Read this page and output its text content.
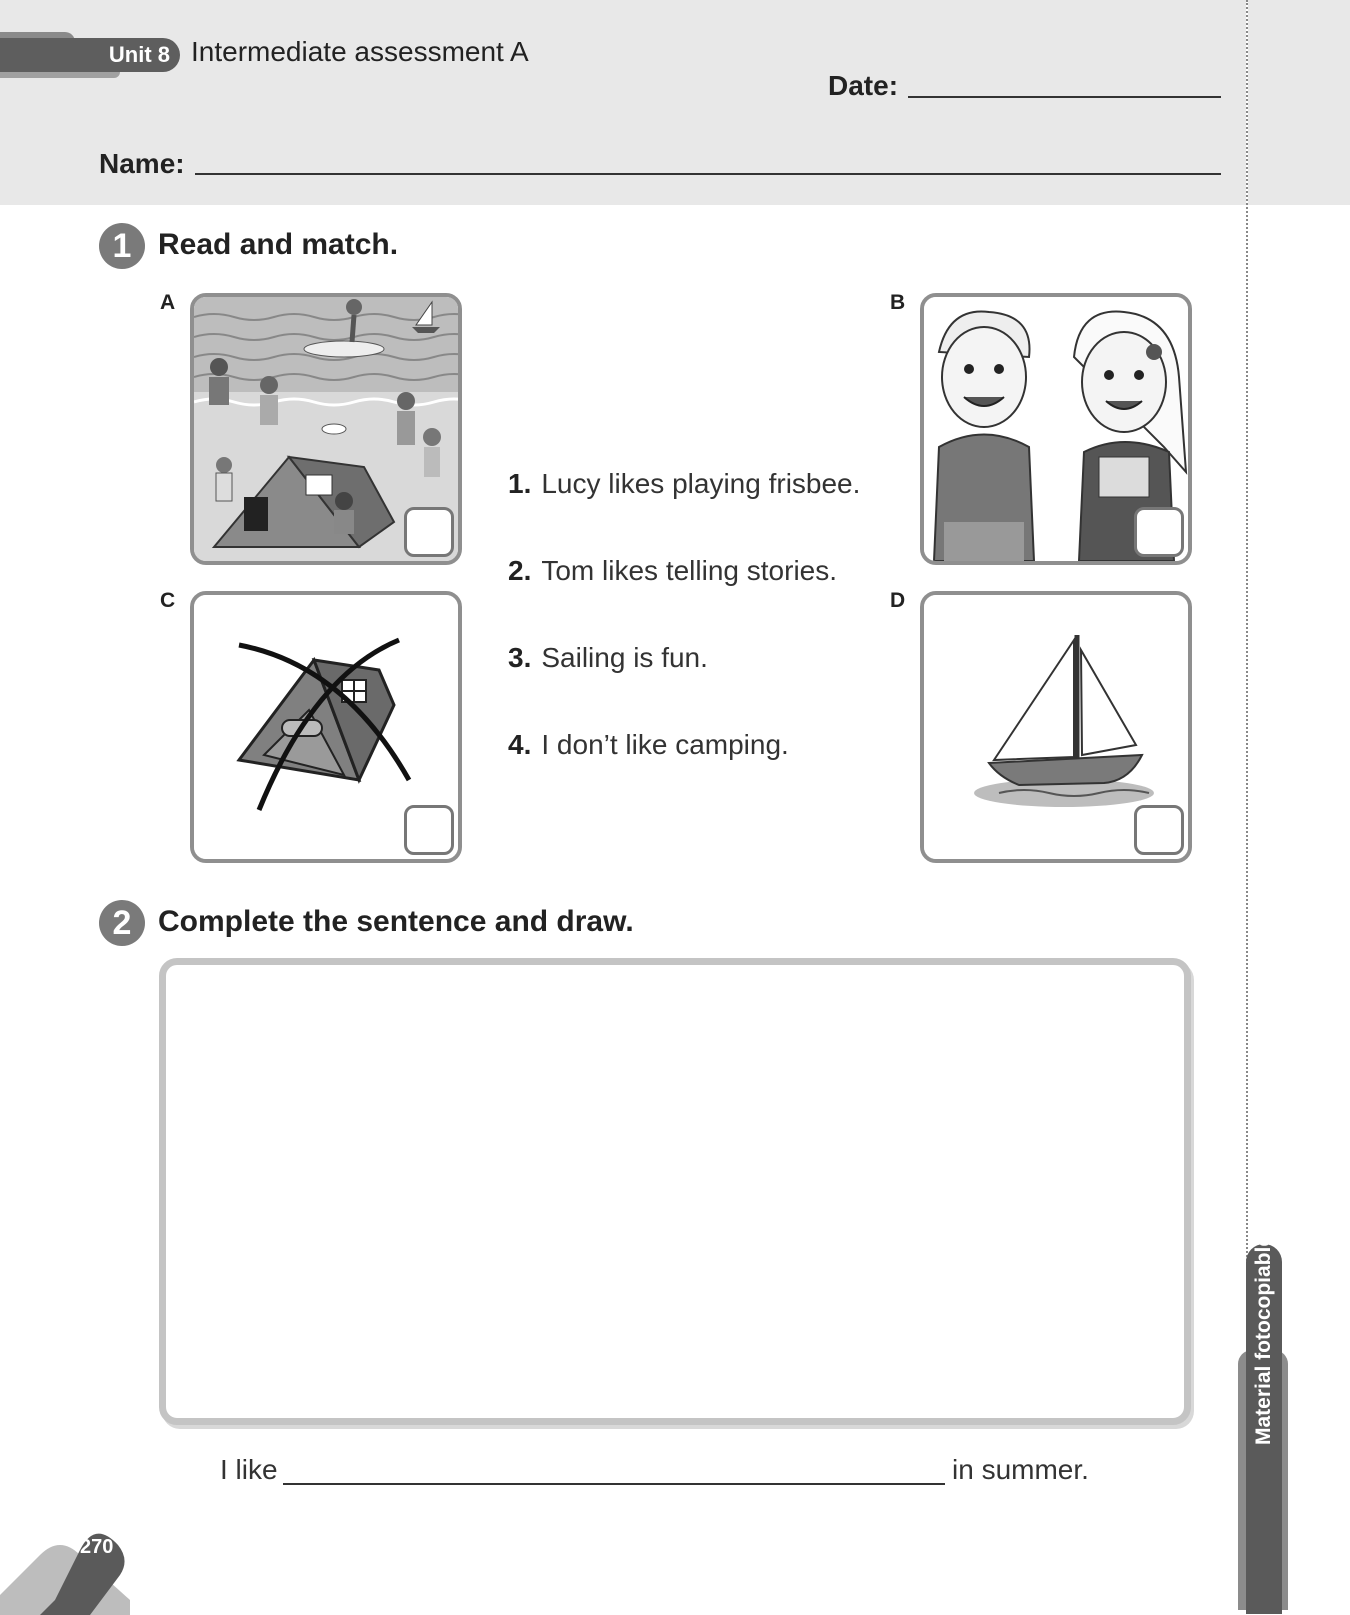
Unit 8 Intermediate assessment A
Date:
Name:
1 Read and match.
A	B
C	D
1. Lucy likes playing frisbee.
2. Tom likes telling stories.
3. Sailing is fun.
4. I don’t like camping.
2 Complete the sentence and draw.
I like	in summer.
270
Material fotocopiable
